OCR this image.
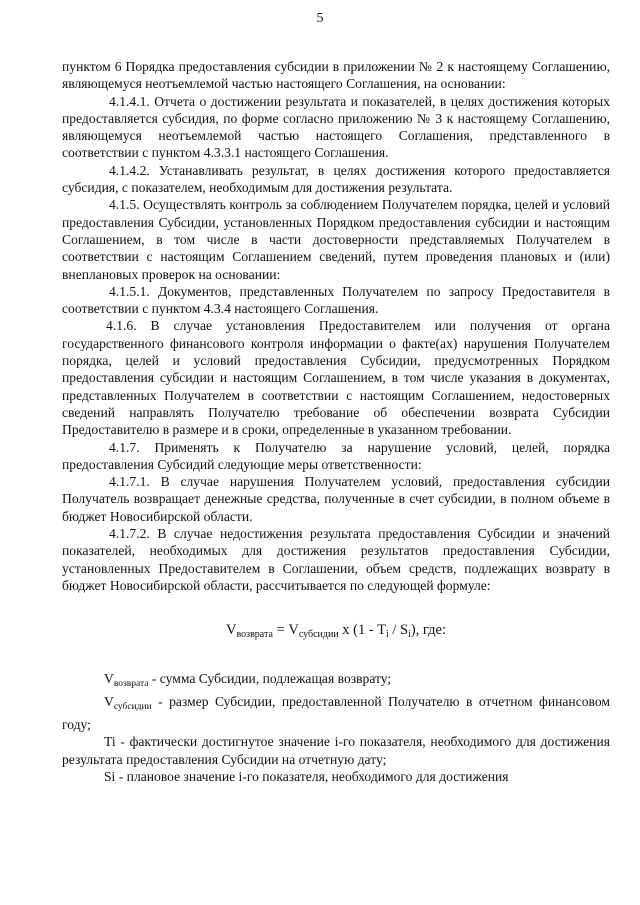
5

пунктом 6 Порядка предоставления субсидии в приложении № 2 к настоящему Соглашению, являющемуся неотъемлемой частью настоящего Соглашения, на основании:

4.1.4.1. Отчета о достижении результата и показателей, в целях достижения которых предоставляется субсидия, по форме согласно приложению № 3 к настоящему Соглашению, являющемуся неотъемлемой частью настоящего Соглашения, представленного в соответствии с пунктом 4.3.3.1 настоящего Соглашения.

4.1.4.2. Устанавливать результат, в целях достижения которого предоставляется субсидия, с показателем, необходимым для достижения результата.

4.1.5. Осуществлять контроль за соблюдением Получателем порядка, целей и условий предоставления Субсидии, установленных Порядком предоставления субсидии и настоящим Соглашением, в том числе в части достоверности представляемых Получателем в соответствии с настоящим Соглашением сведений, путем проведения плановых и (или) внеплановых проверок на основании:

4.1.5.1. Документов, представленных Получателем по запросу Предоставителя в соответствии с пунктом 4.3.4 настоящего Соглашения.

4.1.6. В случае установления Предоставителем или получения от органа государственного финансового контроля информации о факте(ах) нарушения Получателем порядка, целей и условий предоставления Субсидии, предусмотренных Порядком предоставления субсидии и настоящим Соглашением, в том числе указания в документах, представленных Получателем в соответствии с настоящим Соглашением, недостоверных сведений направлять Получателю требование об обеспечении возврата Субсидии Предоставителю в размере и в сроки, определенные в указанном требовании.

4.1.7. Применять к Получателю за нарушение условий, целей, порядка предоставления Субсидий следующие меры ответственности:

4.1.7.1. В случае нарушения Получателем условий, предоставления субсидии Получатель возвращает денежные средства, полученные в счет субсидии, в полном объеме в бюджет Новосибирской области.

4.1.7.2. В случае недостижения результата предоставления Субсидии и значений показателей, необходимых для достижения результатов предоставления Субсидии, установленных Предоставителем в Соглашении, объем средств, подлежащих возврату в бюджет Новосибирской области, рассчитывается по следующей формуле:

$V_{возврата} = V_{субсидии}$ x $(1 - T_i / S_i)$, где:

$V_{возврата}$ - сумма Субсидии, подлежащая возврату;

$V_{субсидии}$ - размер Субсидии, предоставленной Получателю в отчетном финансовом году;

Ti - фактически достигнутое значение i-го показателя, необходимого для достижения результата предоставления Субсидии на отчетную дату;

Si - плановое значение i-го показателя, необходимого для достижения
